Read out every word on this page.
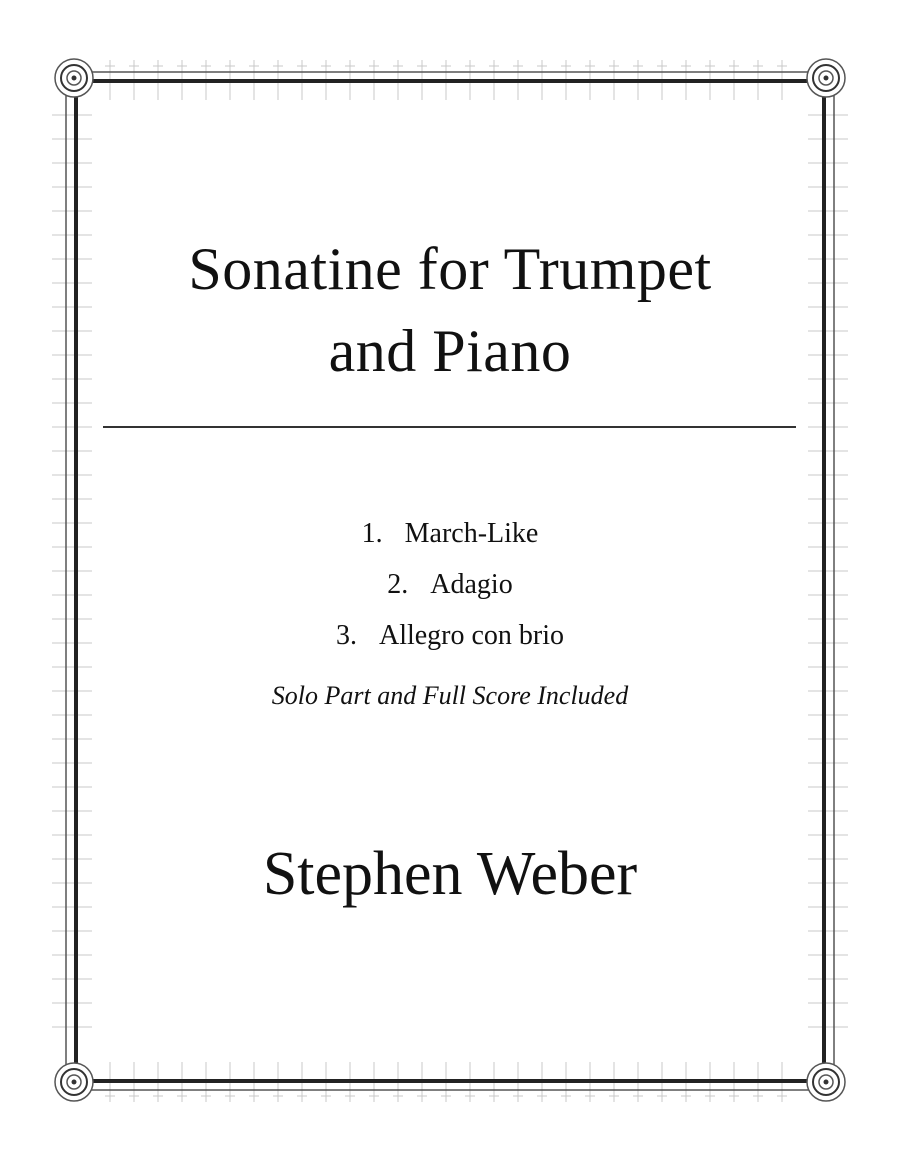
Sonatine for Trumpet
and Piano
1. March-Like
2. Adagio
3. Allegro con brio
Solo Part and Full Score Included
Stephen Weber
